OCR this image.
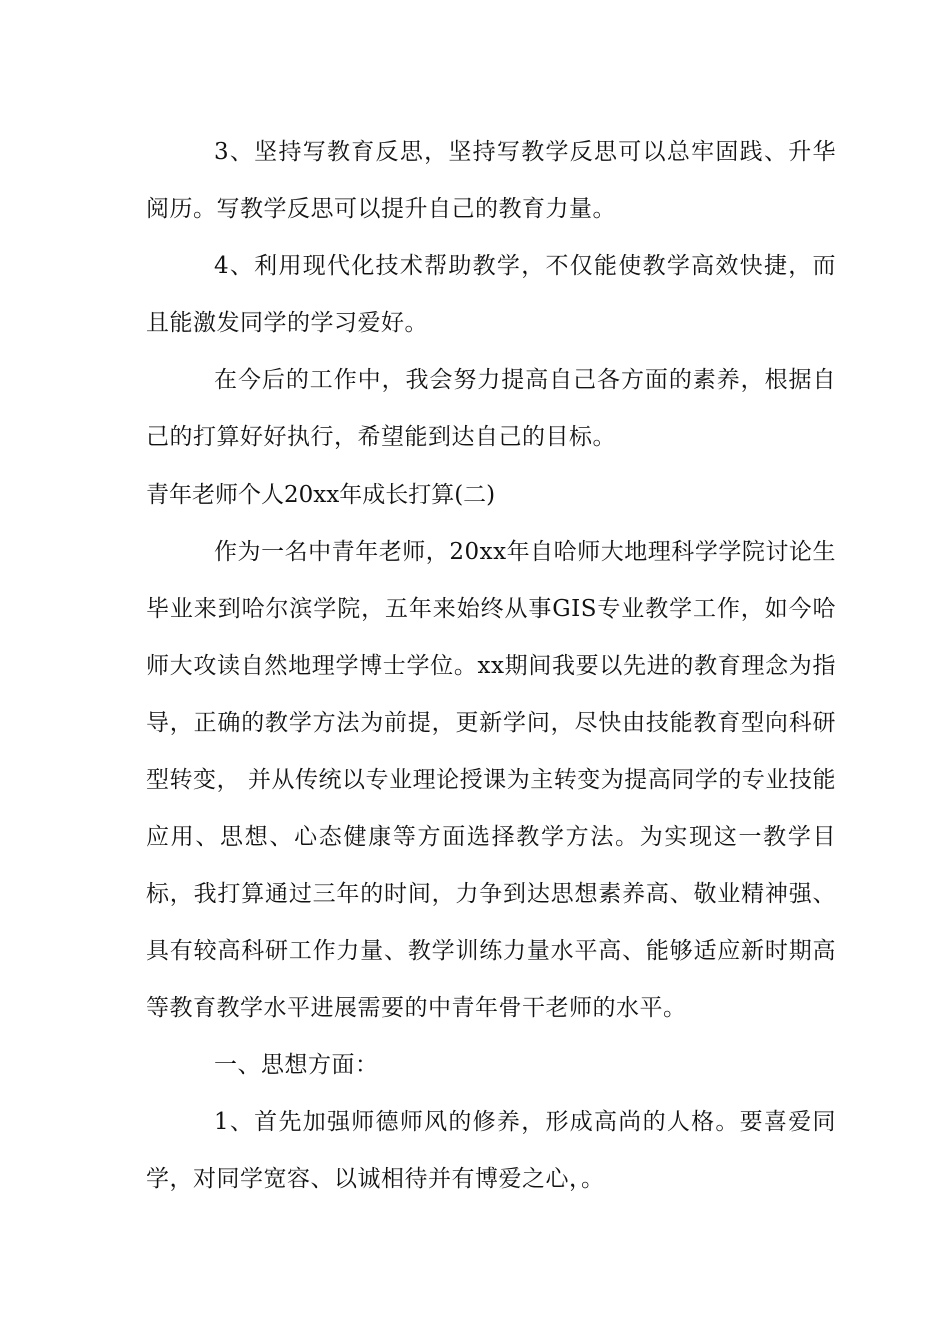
3、坚持写教育反思，坚持写教学反思可以总牢固践、升华阅历。写教学反思可以提升自己的教育力量。

4、利用现代化技术帮助教学，不仅能使教学高效快捷，而且能激发同学的学习爱好。

在今后的工作中，我会努力提高自己各方面的素养，根据自己的打算好好执行，希望能到达自己的目标。

青年老师个人20xx年成长打算(二)

作为一名中青年老师，20xx年自哈师大地理科学学院讨论生毕业来到哈尔滨学院，五年来始终从事GIS专业教学工作，如今哈师大攻读自然地理学博士学位。xx期间我要以先进的教育理念为指导，正确的教学方法为前提，更新学问，尽快由技能教育型向科研型转变， 并从传统以专业理论授课为主转变为提高同学的专业技能应用、思想、心态健康等方面选择教学方法。为实现这一教学目标，我打算通过三年的时间，力争到达思想素养高、敬业精神强、具有较高科研工作力量、教学训练力量水平高、能够适应新时期高等教育教学水平进展需要的中青年骨干老师的水平。

一、思想方面：

1、首先加强师德师风的修养，形成高尚的人格。要喜爱同学，对同学宽容、以诚相待并有博爱之心，。
